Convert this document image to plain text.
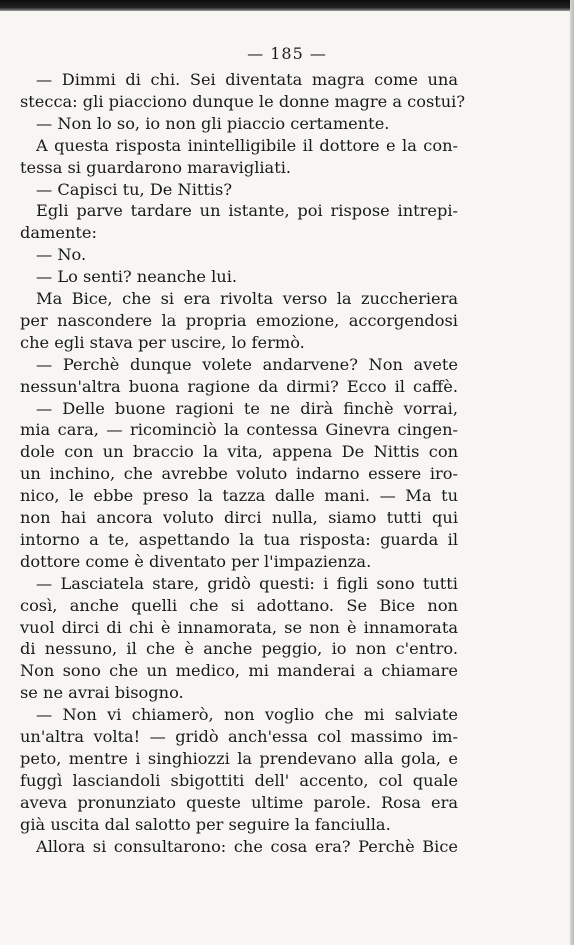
— 185 —
— Dimmi di chi. Sei diventata magra come una
stecca: gli piacciono dunque le donne magre a costui?
— Non lo so, io non gli piaccio certamente.
A questa risposta inintelligibile il dottore e la con-
tessa si guardarono maravigliati.
— Capisci tu, De Nittis?
Egli parve tardare un istante, poi rispose intrepi-
damente:
— No.
— Lo senti? neanche lui.
Ma Bice, che si era rivolta verso la zuccheriera
per nascondere la propria emozione, accorgendosi
che egli stava per uscire, lo fermò.
— Perchè dunque volete andarvene? Non avete
nessun'altra buona ragione da dirmi? Ecco il caffè.
— Delle buone ragioni te ne dirà finchè vorrai,
mia cara, — ricominciò la contessa Ginevra cingen-
dole con un braccio la vita, appena De Nittis con
un inchino, che avrebbe voluto indarno essere iro-
nico, le ebbe preso la tazza dalle mani. — Ma tu
non hai ancora voluto dirci nulla, siamo tutti qui
intorno a te, aspettando la tua risposta: guarda il
dottore come è diventato per l'impazienza.
— Lasciatela stare, gridò questi: i figli sono tutti
così, anche quelli che si adottano. Se Bice non
vuol dirci di chi è innamorata, se non è innamorata
di nessuno, il che è anche peggio, io non c'entro.
Non sono che un medico, mi manderai a chiamare
se ne avrai bisogno.
— Non vi chiamerò, non voglio che mi salviate
un'altra volta! — gridò anch'essa col massimo im-
peto, mentre i singhiozzi la prendevano alla gola, e
fuggì lasciandoli sbigottiti dell' accento, col quale
aveva pronunziato queste ultime parole. Rosa era
già uscita dal salotto per seguire la fanciulla.
Allora si consultarono: che cosa era? Perchè Bice
